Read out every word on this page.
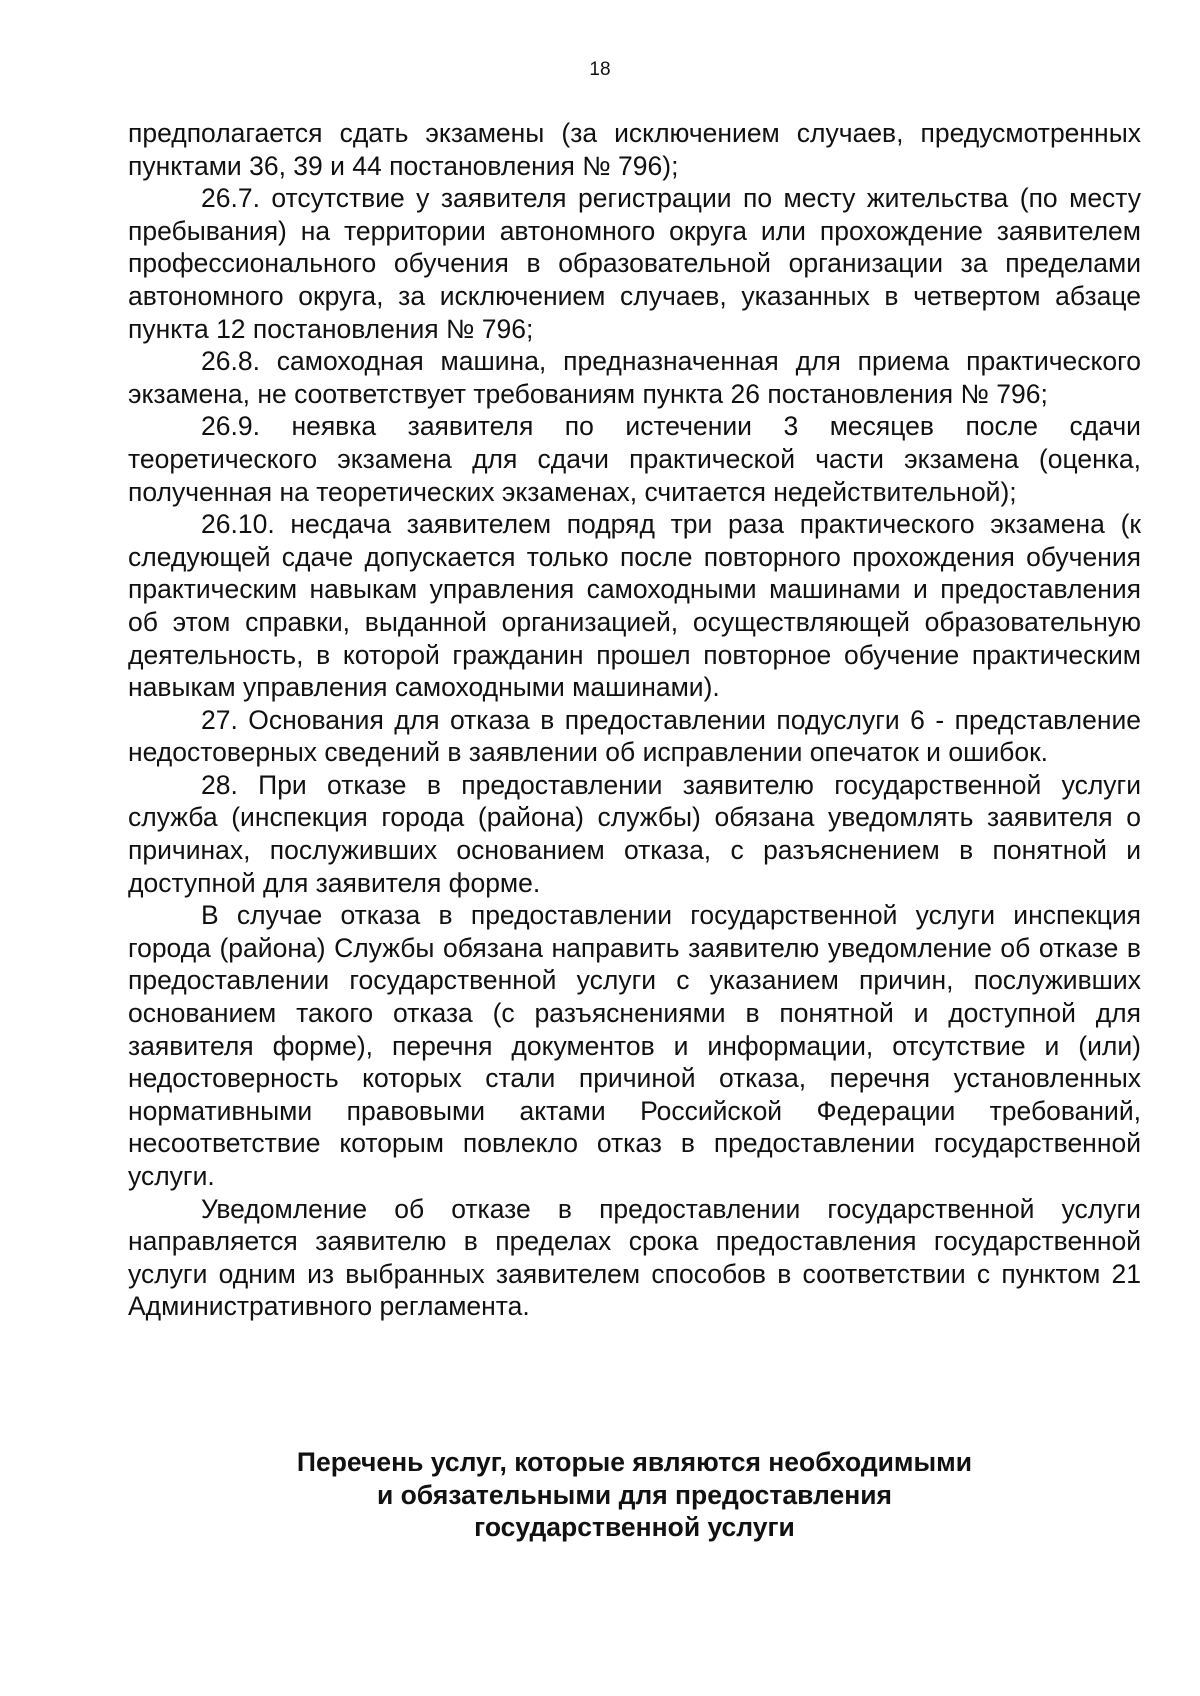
18

предполагается сдать экзамены (за исключением случаев, предусмотренных пунктами 36, 39 и 44 постановления № 796);

26.7. отсутствие у заявителя регистрации по месту жительства (по месту пребывания) на территории автономного округа или прохождение заявителем профессионального обучения в образовательной организации за пределами автономного округа, за исключением случаев, указанных в четвертом абзаце пункта 12 постановления № 796;

26.8. самоходная машина, предназначенная для приема практического экзамена, не соответствует требованиям пункта 26 постановления № 796;

26.9. неявка заявителя по истечении 3 месяцев после сдачи теоретического экзамена для сдачи практической части экзамена (оценка, полученная на теоретических экзаменах, считается недействительной);

26.10. несдача заявителем подряд три раза практического экзамена (к следующей сдаче допускается только после повторного прохождения обучения практическим навыкам управления самоходными машинами и предоставления об этом справки, выданной организацией, осуществляющей образовательную деятельность, в которой гражданин прошел повторное обучение практическим навыкам управления самоходными машинами).

27. Основания для отказа в предоставлении подуслуги 6 - представление недостоверных сведений в заявлении об исправлении опечаток и ошибок.

28. При отказе в предоставлении заявителю государственной услуги служба (инспекция города (района) службы) обязана уведомлять заявителя о причинах, послуживших основанием отказа, с разъяснением в понятной и доступной для заявителя форме.

В случае отказа в предоставлении государственной услуги инспекция города (района) Службы обязана направить заявителю уведомление об отказе в предоставлении государственной услуги с указанием причин, послуживших основанием такого отказа (с разъяснениями в понятной и доступной для заявителя форме), перечня документов и информации, отсутствие и (или) недостоверность которых стали причиной отказа, перечня установленных нормативными правовыми актами Российской Федерации требований, несоответствие которым повлекло отказ в предоставлении государственной услуги.

Уведомление об отказе в предоставлении государственной услуги направляется заявителю в пределах срока предоставления государственной услуги одним из выбранных заявителем способов в соответствии с пунктом 21 Административного регламента.

Перечень услуг, которые являются необходимыми
и обязательными для предоставления
государственной услуги
